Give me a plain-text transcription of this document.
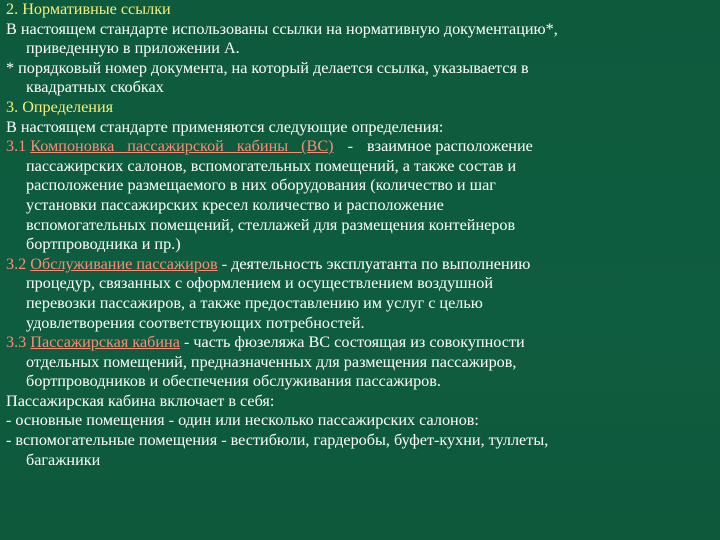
2. Нормативные ссылки

В настоящем стандарте использованы ссылки на нормативную документацию*,

приведенную в приложении А.

* порядковый номер документа, на который делается ссылка, указывается в

квадратных скобках

3. Определения

В настоящем стандарте применяются следующие определения:

3.1 Компоновка пассажирской кабины (ВС) - взаимное расположение

пассажирских салонов, вспомогательных помещений, а также состав и

расположение размещаемого в них оборудования (количество и шаг

установки пассажирских кресел количество и расположение

вспомогательных помещений, стеллажей для размещения контейнеров

бортпроводника и пр.)

3.2 Обслуживание пассажиров - деятельность эксплуатанта по выполнению

процедур, связанных с оформлением и осуществлением воздушной

перевозки пассажиров, а также предоставлению им услуг с целью

удовлетворения соответствующих потребностей.

3.3 Пассажирская кабина - часть фюзеляжа ВС состоящая из совокупности

отдельных помещений, предназначенных для размещения пассажиров,

бортпроводников и обеспечения обслуживания пассажиров.

Пассажирская кабина включает в себя:

- основные помещения - один или несколько пассажирских салонов:

- вспомогательные помещения - вестибюли, гардеробы, буфет-кухни, туллеты,

багажники
